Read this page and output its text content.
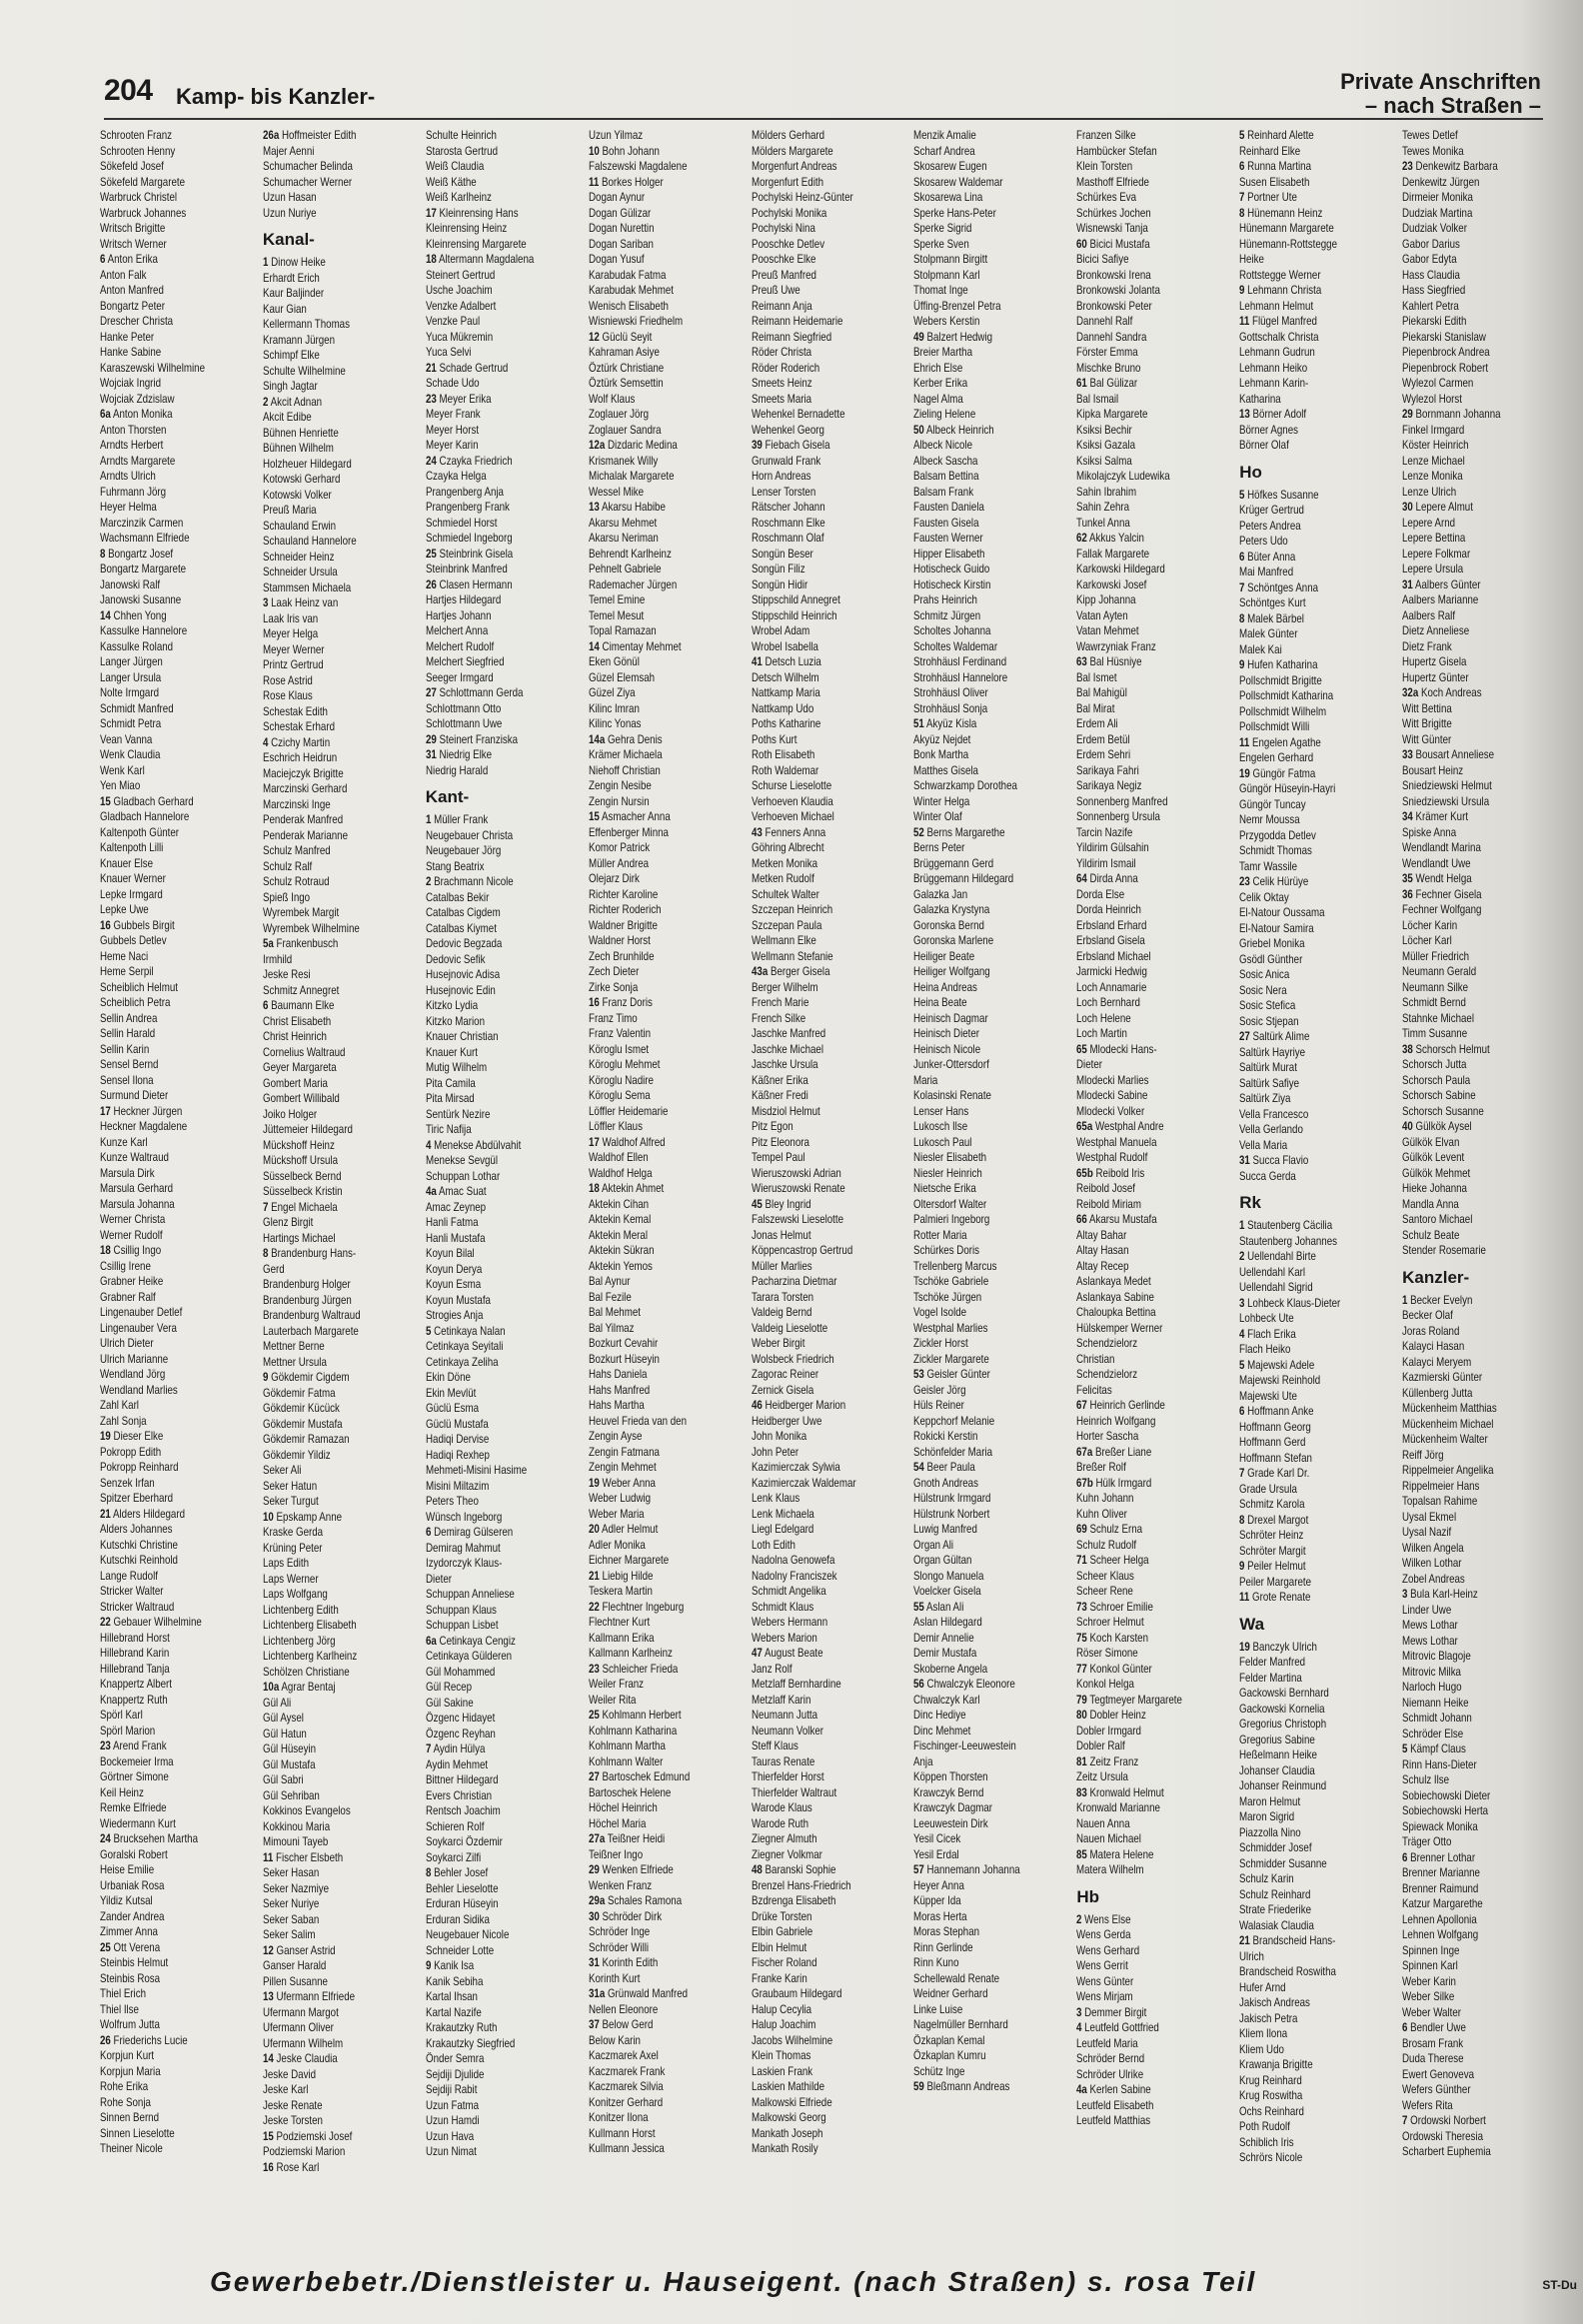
204 Kamp- bis Kanzler-
Private Anschriften
– nach Straßen –
Schrooten Franz
Schrooten Henny
Sökefeld Josef
Sökefeld Margarete
Warbruck Christel
Warbruck Johannes
Writsch Brigitte
Writsch Werner
6 Anton Erika
Anton Falk
Anton Manfred
Bongartz Peter
Drescher Christa
Hanke Peter
Hanke Sabine
Karaszewski Wilhelmine
Wojciak Ingrid
Wojciak Zdzislaw
6a Anton Monika
Anton Thorsten
Arndts Herbert
Arndts Margarete
Arndts Ulrich
Fuhrmann Jörg
Heyer Helma
Marczinzik Carmen
Wachsmann Elfriede
8 Bongartz Josef
Bongartz Margarete
Janowski Ralf
Janowski Susanne
14 Chhen Yong
Kassulke Hannelore
Kassulke Roland
Langer Jürgen
Langer Ursula
Nolte Irmgard
Schmidt Manfred
Schmidt Petra
Vean Vanna
Wenk Claudia
Wenk Karl
Yen Miao
15 Gladbach Gerhard
Gladbach Hannelore
Kaltenpoth Günter
Kaltenpoth Lilli
Knauer Else
Knauer Werner
Lepke Irmgard
Lepke Uwe
16 Gubbels Birgit
Gubbels Detlev
Heme Naci
Heme Serpil
Scheiblich Helmut
Scheiblich Petra
Sellin Andrea
Sellin Harald
Sellin Karin
Sensel Bernd
Sensel Ilona
Surmund Dieter
17 Heckner Jürgen
Heckner Magdalene
Kunze Karl
Kunze Waltraud
Marsula Dirk
Marsula Gerhard
Marsula Johanna
Werner Christa
Werner Rudolf
18 Csillig Ingo
Csillig Irene
Grabner Heike
Grabner Ralf
Lingenauber Detlef
Lingenauber Vera
Ulrich Dieter
Ulrich Marianne
Wendland Jörg
Wendland Marlies
Zahl Karl
Zahl Sonja
19 Dieser Elke
Pokropp Edith
Pokropp Reinhard
Senzek Irfan
Spitzer Eberhard
21 Alders Hildegard
Alders Johannes
Kutschki Christine
Kutschki Reinhold
Lange Rudolf
Stricker Walter
Stricker Waltraud
22 Gebauer Wilhelmine
Hillebrand Horst
Hillebrand Karin
Hillebrand Tanja
Knappertz Albert
Knappertz Ruth
Spörl Karl
Spörl Marion
23 Arend Frank
Bockemeier Irma
Görtner Simone
Keil Heinz
Remke Elfriede
Wiedermann Kurt
24 Brucksehen Martha
Goralski Robert
Heise Emilie
Urbaniak Rosa
Yildiz Kutsal
Zander Andrea
Zimmer Anna
25 Ott Verena
Steinbis Helmut
Steinbis Rosa
Thiel Erich
Thiel Ilse
Wolfrum Jutta
26 Friederichs Lucie
Korpjun Kurt
Korpjun Maria
Rohe Erika
Rohe Sonja
Sinnen Bernd
Sinnen Lieselotte
Theiner Nicole
26a Hoffmeister Edith
Majer Aenni
Schumacher Belinda
Schumacher Werner
Uzun Hasan
Uzun Nuriye
Kanal-
1 Dinow Heike
Erhardt Erich
Kaur Baljinder
Kaur Gian
Kellermann Thomas
Kramann Jürgen
Schimpf Elke
Schulte Wilhelmine
Singh Jagtar
2 Akcit Adnan
Akcit Edibe
Bühnen Henriette
Bühnen Wilhelm
Holzheuer Hildegard
Kotowski Gerhard
Kotowski Volker
Preuß Maria
Schauland Erwin
Schauland Hannelore
Schneider Heinz
Schneider Ursula
Stammsen Michaela
3 Laak Heinz van
Laak Iris van
Meyer Helga
Meyer Werner
Printz Gertrud
Rose Astrid
Rose Klaus
Schestak Edith
Schestak Erhard
4 Czichy Martin
Eschrich Heidrun
Maciejczyk Brigitte
Marczinski Gerhard
Marczinski Inge
Penderak Manfred
Penderak Marianne
Schulz Manfred
Schulz Ralf
Schulz Rotraud
Spieß Ingo
Wyrembek Margit
Wyrembek Wilhelmine
5a Frankenbusch
Irmhild
Jeske Resi
Schmitz Annegret
6 Baumann Elke
Christ Elisabeth
Christ Heinrich
Cornelius Waltraud
Geyer Margareta
Gombert Maria
Gombert Willibald
Joiko Holger
Jüttemeier Hildegard
Mückshoff Heinz
Mückshoff Ursula
Süsselbeck Bernd
Süsselbeck Kristin
7 Engel Michaela
Glenz Birgit
Hartings Michael
8 Brandenburg Hans-
Gerd
Brandenburg Holger
Brandenburg Jürgen
Brandenburg Waltraud
Lauterbach Margarete
Mettner Berne
Mettner Ursula
9 Gökdemir Cigdem
Gökdemir Fatma
Gökdemir Kücück
Gökdemir Mustafa
Gökdemir Ramazan
Gökdemir Yildiz
Seker Ali
Seker Hatun
Seker Turgut
10 Epskamp Anne
Kraske Gerda
Krüning Peter
Laps Edith
Laps Werner
Laps Wolfgang
Lichtenberg Edith
Lichtenberg Elisabeth
Lichtenberg Jörg
Lichtenberg Karlheinz
Schölzen Christiane
10a Agrar Bentaj
Gül Ali
Gül Aysel
Gül Hatun
Gül Hüseyin
Gül Mustafa
Gül Sabri
Gül Sehriban
Kokkinos Evangelos
Kokkinou Maria
Mimouni Tayeb
11 Fischer Elsbeth
Seker Hasan
Seker Nazmiye
Seker Nuriye
Seker Saban
Seker Salim
12 Ganser Astrid
Ganser Harald
Pillen Susanne
13 Ufermann Elfriede
Ufermann Margot
Ufermann Oliver
Ufermann Wilhelm
14 Jeske Claudia
Jeske David
Jeske Karl
Jeske Renate
Jeske Torsten
15 Podziemski Josef
Podziemski Marion
16 Rose Karl
Schulte Heinrich
Starosta Gertrud
Weiß Claudia
Weiß Käthe
Weiß Karlheinz
17 Kleinrensing Hans
Kleinrensing Heinz
Kleinrensing Margarete
18 Altermann Magdalena
Steinert Gertrud
Usche Joachim
Venzke Adalbert
Venzke Paul
Yuca Mükremin
Yuca Selvi
21 Schade Gertrud
Schade Udo
23 Meyer Erika
Meyer Frank
Meyer Horst
Meyer Karin
24 Czayka Friedrich
Czayka Helga
Prangenberg Anja
Prangenberg Frank
Schmiedel Horst
Schmiedel Ingeborg
25 Steinbrink Gisela
Steinbrink Manfred
26 Clasen Hermann
Hartjes Hildegard
Hartjes Johann
Melchert Anna
Melchert Rudolf
Melchert Siegfried
Seeger Irmgard
27 Schlottmann Gerda
Schlottmann Otto
Schlottmann Uwe
29 Steinert Franziska
31 Niedrig Elke
Niedrig Harald
Kant-
1 Müller Frank
Neugebauer Christa
Neugebauer Jörg
Stang Beatrix
2 Brachmann Nicole
Catalbas Bekir
Catalbas Cigdem
Catalbas Kiymet
Dedovic Begzada
Dedovic Sefik
Husejnovic Adisa
Husejnovic Edin
Kitzko Lydia
Kitzko Marion
Knauer Christian
Knauer Kurt
Mutig Wilhelm
Pita Camila
Pita Mirsad
Sentürk Nezire
Tiric Nafija
4 Menekse Abdülvahit
Menekse Sevgül
Schuppan Lothar
4a Amac Suat
Amac Zeynep
Hanli Fatma
Hanli Mustafa
Koyun Bilal
Koyun Derya
Koyun Esma
Koyun Mustafa
Strogies Anja
5 Cetinkaya Nalan
Cetinkaya Seyitali
Cetinkaya Zeliha
Ekin Döne
Ekin Mevlüt
Güclü Esma
Güclü Mustafa
Hadiqi Dervise
Hadiqi Rexhep
Mehmeti-Misini Hasime
Misini Miltazim
Peters Theo
Wünsch Ingeborg
6 Demirag Gülseren
Demirag Mahmut
Izydorczyk Klaus-
Dieter
Schuppan Anneliese
Schuppan Klaus
Schuppan Lisbet
6a Cetinkaya Cengiz
Cetinkaya Gülderen
Gül Mohammed
Gül Recep
Gül Sakine
Özgenc Hidayet
Özgenc Reyhan
7 Aydin Hülya
Aydin Mehmet
Bittner Hildegard
Evers Christian
Rentsch Joachim
Schieren Rolf
Soykarci Özdemir
Soykarci Zilfi
8 Behler Josef
Behler Lieselotte
Erduran Hüseyin
Erduran Sidika
Neugebauer Nicole
Schneider Lotte
9 Kanik Isa
Kanik Sebiha
Kartal Ihsan
Kartal Nazife
Krakautzky Ruth
Krakautzky Siegfried
Önder Semra
Sejdiji Djulide
Sejdiji Rabit
Uzun Fatma
Uzun Hamdi
Uzun Hava
Uzun Nimat
Uzun Yilmaz
10 Bohn Johann
Falszewski Magdalene
11 Borkes Holger
Dogan Aynur
Dogan Gülizar
Dogan Nurettin
Dogan Sariban
Dogan Yusuf
Karabudak Fatma
Karabudak Mehmet
Wenisch Elisabeth
Wisniewski Friedhelm
12 Güclü Seyit
Kahraman Asiye
Öztürk Christiane
Öztürk Semsettin
Wolf Klaus
Zoglauer Jörg
Zoglauer Sandra
12a Dizdaric Medina
Krismanek Willy
Michalak Margarete
Wessel Mike
13 Akarsu Habibe
Akarsu Mehmet
Akarsu Neriman
Behrendt Karlheinz
Pehnelt Gabriele
Rademacher Jürgen
Temel Emine
Temel Mesut
Topal Ramazan
14 Cimentay Mehmet
Eken Gönül
Güzel Elemsah
Güzel Ziya
Kilinc Imran
Kilinc Yonas
14a Gehra Denis
Krämer Michaela
Niehoff Christian
Zengin Nesibe
Zengin Nursin
15 Asmacher Anna
Effenberger Minna
Komor Patrick
Müller Andrea
Olejarz Dirk
Richter Karoline
Richter Roderich
Waldner Brigitte
Waldner Horst
Zech Brunhilde
Zech Dieter
Zirke Sonja
16 Franz Doris
Franz Timo
Franz Valentin
Köroglu Ismet
Köroglu Mehmet
Köroglu Nadire
Köroglu Sema
Löffler Heidemarie
Löffler Klaus
17 Waldhof Alfred
Waldhof Ellen
Waldhof Helga
18 Aktekin Ahmet
Aktekin Cihan
Aktekin Kemal
Aktekin Meral
Aktekin Sükran
Aktekin Yemos
Bal Aynur
Bal Fezile
Bal Mehmet
Bal Yilmaz
Bozkurt Cevahir
Bozkurt Hüseyin
Hahs Daniela
Hahs Manfred
Hahs Martha
Heuvel Frieda van den
Zengin Ayse
Zengin Fatmana
Zengin Mehmet
19 Weber Anna
Weber Ludwig
Weber Maria
20 Adler Helmut
Adler Monika
Eichner Margarete
21 Liebig Hilde
Teskera Martin
22 Flechtner Ingeburg
Flechtner Kurt
Kallmann Erika
Kallmann Karlheinz
23 Schleicher Frieda
Weiler Franz
Weiler Rita
25 Kohlmann Herbert
Kohlmann Katharina
Kohlmann Martha
Kohlmann Walter
27 Bartoschek Edmund
Bartoschek Helene
Höchel Heinrich
Höchel Maria
27a Teißner Heidi
Teißner Ingo
29 Wenken Elfriede
Wenken Franz
29a Schales Ramona
30 Schröder Dirk
Schröder Inge
Schröder Willi
31 Korinth Edith
Korinth Kurt
31a Grünwald Manfred
Nellen Eleonore
37 Below Gerd
Below Karin
Kaczmarek Axel
Kaczmarek Frank
Kaczmarek Silvia
Konitzer Gerhard
Konitzer Ilona
Kullmann Horst
Kullmann Jessica
Mölders Gerhard
Mölders Margarete
Morgenfurt Andreas
Morgenfurt Edith
Pochylski Heinz-Günter
Pochylski Monika
Pochylski Nina
Pooschke Detlev
Pooschke Elke
Preuß Manfred
Preuß Uwe
Reimann Anja
Reimann Heidemarie
Reimann Siegfried
Röder Christa
Röder Roderich
Smeets Heinz
Smeets Maria
Wehenkel Bernadette
Wehenkel Georg
39 Fiebach Gisela
Grunwald Frank
Horn Andreas
Lenser Torsten
Rätscher Johann
Roschmann Elke
Roschmann Olaf
Songün Beser
Songün Filiz
Songün Hidir
Stippschild Annegret
Stippschild Heinrich
Wrobel Adam
Wrobel Isabella
41 Detsch Luzia
Detsch Wilhelm
Nattkamp Maria
Nattkamp Udo
Poths Katharine
Poths Kurt
Roth Elisabeth
Roth Waldemar
Schurse Lieselotte
Verhoeven Klaudia
Verhoeven Michael
43 Fenners Anna
Göhring Albrecht
Metken Monika
Metken Rudolf
Schultek Walter
Szczepan Heinrich
Szczepan Paula
Wellmann Elke
Wellmann Stefanie
43a Berger Gisela
Berger Wilhelm
French Marie
French Silke
Jaschke Manfred
Jaschke Michael
Jaschke Ursula
Käßner Erika
Käßner Fredi
Misdziol Helmut
Pitz Egon
Pitz Eleonora
Tempel Paul
Wieruszowski Adrian
Wieruszowski Renate
45 Bley Ingrid
Falszewski Lieselotte
Jonas Helmut
Köppencastrop Gertrud
Müller Marlies
Pacharzina Dietmar
Tarara Torsten
Valdeig Bernd
Valdeig Lieselotte
Weber Birgit
Wolsbeck Friedrich
Zagorac Reiner
Zernick Gisela
46 Heidberger Marion
Heidberger Uwe
John Monika
John Peter
Kazimierczak Sylwia
Kazimierczak Waldemar
Lenk Klaus
Lenk Michaela
Liegl Edelgard
Loth Edith
Nadolna Genowefa
Nadolny Franciszek
Schmidt Angelika
Schmidt Klaus
Webers Hermann
Webers Marion
47 August Beate
Janz Rolf
Metzlaff Bernhardine
Metzlaff Karin
Neumann Jutta
Neumann Volker
Steff Klaus
Tauras Renate
Thierfelder Horst
Thierfelder Waltraut
Warode Klaus
Warode Ruth
Ziegner Almuth
Ziegner Volkmar
48 Baranski Sophie
Brenzel Hans-Friedrich
Bzdrenga Elisabeth
Drüke Torsten
Elbin Gabriele
Elbin Helmut
Fischer Roland
Franke Karin
Graubaum Hildegard
Halup Cecylia
Halup Joachim
Jacobs Wilhelmine
Klein Thomas
Laskien Frank
Laskien Mathilde
Malkowski Elfriede
Malkowski Georg
Mankath Joseph
Mankath Rosily
Menzik Amalie
Scharf Andrea
Skosarew Eugen
Skosarew Waldemar
Skosarewa Lina
Sperke Hans-Peter
Sperke Sigrid
Sperke Sven
Stolpmann Birgitt
Stolpmann Karl
Thomat Inge
Üffing-Brenzel Petra
Webers Kerstin
49 Balzert Hedwig
Breier Martha
Ehrich Else
Kerber Erika
Nagel Alma
Zieling Helene
50 Albeck Heinrich
Albeck Nicole
Albeck Sascha
Balsam Bettina
Balsam Frank
Fausten Daniela
Fausten Gisela
Fausten Werner
Hipper Elisabeth
Hotischeck Guido
Hotischeck Kirstin
Prahs Heinrich
Schmitz Jürgen
Scholtes Johanna
Scholtes Waldemar
Strohhäusl Ferdinand
Strohhäusl Hannelore
Strohhäusl Oliver
Strohhäusl Sonja
51 Akyüz Kisla
Akyüz Nejdet
Bonk Martha
Matthes Gisela
Schwarzkamp Dorothea
Winter Helga
Winter Olaf
52 Berns Margarethe
Berns Peter
Brüggemann Gerd
Brüggemann Hildegard
Galazka Jan
Galazka Krystyna
Goronska Bernd
Goronska Marlene
Heiliger Beate
Heiliger Wolfgang
Heina Andreas
Heina Beate
Heinisch Dagmar
Heinisch Dieter
Heinisch Nicole
Junker-Ottersdorf
Maria
Kolasinski Renate
Lenser Hans
Lukosch Ilse
Lukosch Paul
Niesler Elisabeth
Niesler Heinrich
Nietsche Erika
Oltersdorf Walter
Palmieri Ingeborg
Rotter Maria
Schürkes Doris
Trellenberg Marcus
Tschöke Gabriele
Tschöke Jürgen
Vogel Isolde
Westphal Marlies
Zickler Horst
Zickler Margarete
53 Geisler Günter
Geisler Jörg
Hüls Reiner
Keppchorf Melanie
Rokicki Kerstin
Schönfelder Maria
54 Beer Paula
Gnoth Andreas
Hülstrunk Irmgard
Hülstrunk Norbert
Luwig Manfred
Organ Ali
Organ Gültan
Slongo Manuela
Voelcker Gisela
55 Aslan Ali
Aslan Hildegard
Demir Annelie
Demir Mustafa
Skoberne Angela
56 Chwalczyk Eleonore
Chwalczyk Karl
Dinc Hediye
Dinc Mehmet
Fischinger-Leeuwestein
Anja
Köppen Thorsten
Krawczyk Bernd
Krawczyk Dagmar
Leeuwestein Dirk
Yesil Cicek
Yesil Erdal
57 Hannemann Johanna
Heyer Anna
Küpper Ida
Moras Herta
Moras Stephan
Rinn Gerlinde
Rinn Kuno
Schellewald Renate
Weidner Gerhard
Linke Luise
Nagelmüller Bernhard
Özkaplan Kemal
Özkaplan Kumru
Schütz Inge
59 Bleßmann Andreas
Franzen Silke
Hambücker Stefan
Klein Torsten
Masthoff Elfriede
Schürkes Eva
Schürkes Jochen
Wisnewski Tanja
60 Bicici Mustafa
Bicici Safiye
Bronkowski Irena
Bronkowski Jolanta
Bronkowski Peter
Dannehl Ralf
Dannehl Sandra
Förster Emma
Mischke Bruno
61 Bal Gülizar
Bal Ismail
Kipka Margarete
Ksiksi Bechir
Ksiksi Gazala
Ksiksi Salma
Mikolajczyk Ludewika
Sahin Ibrahim
Sahin Zehra
Tunkel Anna
62 Akkus Yalcin
Fallak Margarete
Karkowski Hildegard
Karkowski Josef
Kipp Johanna
Vatan Ayten
Vatan Mehmet
Wawrzyniak Franz
63 Bal Hüsniye
Bal Ismet
Bal Mahigül
Bal Mirat
Erdem Ali
Erdem Betül
Erdem Sehri
Sarikaya Fahri
Sarikaya Negiz
Sonnenberg Manfred
Sonnenberg Ursula
Tarcin Nazife
Yildirim Gülsahin
Yildirim Ismail
64 Dirda Anna
Dorda Else
Dorda Heinrich
Erbsland Erhard
Erbsland Gisela
Erbsland Michael
Jarmicki Hedwig
Loch Annamarie
Loch Bernhard
Loch Helene
Loch Martin
65 Mlodecki Hans-
Dieter
Mlodecki Marlies
Mlodecki Sabine
Mlodecki Volker
65a Westphal Andre
Westphal Manuela
Westphal Rudolf
65b Reibold Iris
Reibold Josef
Reibold Miriam
66 Akarsu Mustafa
Altay Bahar
Altay Hasan
Altay Recep
Aslankaya Medet
Aslankaya Sabine
Chaloupka Bettina
Hülskemper Werner
Schendzielorz
Christian
Schendzielorz
Felicitas
67 Heinrich Gerlinde
Heinrich Wolfgang
Horter Sascha
67a Breßer Liane
Breßer Rolf
67b Hülk Irmgard
Kuhn Johann
Kuhn Oliver
69 Schulz Erna
Schulz Rudolf
71 Scheer Helga
Scheer Klaus
Scheer Rene
73 Schroer Emilie
Schroer Helmut
75 Koch Karsten
Röser Simone
77 Konkol Günter
Konkol Helga
79 Tegtmeyer Margarete
80 Dobler Heinz
Dobler Irmgard
Dobler Ralf
81 Zeitz Franz
Zeitz Ursula
83 Kronwald Helmut
Kronwald Marianne
Nauen Anna
Nauen Michael
85 Matera Helene
Matera Wilhelm
Hb
2 Wens Else
Wens Gerda
Wens Gerhard
Wens Gerrit
Wens Günter
Wens Mirjam
3 Demmer Birgit
4 Leutfeld Gottfried
Leutfeld Maria
Schröder Bernd
Schröder Ulrike
4a Kerlen Sabine
Leutfeld Elisabeth
Leutfeld Matthias
5 Reinhard Alette
Reinhard Elke
6 Runna Martina
Susen Elisabeth
7 Portner Ute
8 Hünemann Heinz
Hünemann Margarete
Hünemann-Rottstegge
Heike
Rottstegge Werner
9 Lehmann Christa
Lehmann Helmut
11 Flügel Manfred
Gottschalk Christa
Lehmann Gudrun
Lehmann Heiko
Lehmann Karin-
Katharina
13 Börner Adolf
Börner Agnes
Börner Olaf
Ho
5 Höfkes Susanne
Krüger Gertrud
Peters Andrea
Peters Udo
6 Büter Anna
Mai Manfred
7 Schöntges Anna
Schöntges Kurt
8 Malek Bärbel
Malek Günter
Malek Kai
9 Hufen Katharina
Pollschmidt Brigitte
Pollschmidt Katharina
Pollschmidt Wilhelm
Pollschmidt Willi
11 Engelen Agathe
Engelen Gerhard
19 Güngör Fatma
Güngör Hüseyin-Hayri
Güngör Tuncay
Nemr Moussa
Przygodda Detlev
Schmidt Thomas
Tamr Wassile
23 Celik Hürüye
Celik Oktay
El-Natour Oussama
El-Natour Samira
Griebel Monika
Gsödl Günther
Sosic Anica
Sosic Nera
Sosic Stefica
Sosic Stjepan
27 Saltürk Alime
Saltürk Hayriye
Saltürk Murat
Saltürk Safiye
Saltürk Ziya
Vella Francesco
Vella Gerlando
Vella Maria
31 Succa Flavio
Succa Gerda
Rk
1 Stautenberg Cäcilia
Stautenberg Johannes
2 Uellendahl Birte
Uellendahl Karl
Uellendahl Sigrid
3 Lohbeck Klaus-Dieter
Lohbeck Ute
4 Flach Erika
Flach Heiko
5 Majewski Adele
Majewski Reinhold
Majewski Ute
6 Hoffmann Anke
Hoffmann Georg
Hoffmann Gerd
Hoffmann Stefan
7 Grade Karl Dr.
Grade Ursula
Schmitz Karola
8 Drexel Margot
Schröter Heinz
Schröter Margit
9 Peiler Helmut
Peiler Margarete
11 Grote Renate
Wa
19 Banczyk Ulrich
Felder Manfred
Felder Martina
Gackowski Bernhard
Gackowski Kornelia
Gregorius Christoph
Gregorius Sabine
Heßelmann Heike
Johanser Claudia
Johanser Reinmund
Maron Helmut
Maron Sigrid
Piazzolla Nino
Schmidder Josef
Schmidder Susanne
Schulz Karin
Schulz Reinhard
Strate Friederike
Walasiak Claudia
21 Brandscheid Hans-
Ulrich
Brandscheid Roswitha
Hufer Arnd
Jakisch Andreas
Jakisch Petra
Kliem Ilona
Kliem Udo
Krawanja Brigitte
Krug Reinhard
Krug Roswitha
Ochs Reinhard
Poth Rudolf
Schiblich Iris
Schrörs Nicole
Tewes Detlef
Tewes Monika
23 Denkewitz Barbara
Denkewitz Jürgen
Dirmeier Monika
Dudziak Martina
Dudziak Volker
Gabor Darius
Gabor Edyta
Hass Claudia
Hass Siegfried
Kahlert Petra
Piekarski Edith
Piekarski Stanislaw
Piepenbrock Andrea
Piepenbrock Robert
Wylezol Carmen
Wylezol Horst
29 Bornmann Johanna
Finkel Irmgard
Köster Heinrich
Lenze Michael
Lenze Monika
Lenze Ulrich
30 Lepere Almut
Lepere Arnd
Lepere Bettina
Lepere Folkmar
Lepere Ursula
31 Aalbers Günter
Aalbers Marianne
Aalbers Ralf
Dietz Anneliese
Dietz Frank
Hupertz Gisela
Hupertz Günter
32a Koch Andreas
Witt Bettina
Witt Brigitte
Witt Günter
33 Bousart Anneliese
Bousart Heinz
Sniedziewski Helmut
Sniedziewski Ursula
34 Krämer Kurt
Spiske Anna
Wendlandt Marina
Wendlandt Uwe
35 Wendt Helga
36 Fechner Gisela
Fechner Wolfgang
Löcher Karin
Löcher Karl
Müller Friedrich
Neumann Gerald
Neumann Silke
Schmidt Bernd
Stahnke Michael
Timm Susanne
38 Schorsch Helmut
Schorsch Jutta
Schorsch Paula
Schorsch Sabine
Schorsch Susanne
40 Gülkök Aysel
Gülkök Elvan
Gülkök Levent
Gülkök Mehmet
Hieke Johanna
Mandla Anna
Santoro Michael
Schulz Beate
Stender Rosemarie
Kanzler-
1 Becker Evelyn
Becker Olaf
Joras Roland
Kalayci Hasan
Kalayci Meryem
Kazmierski Günter
Küllenberg Jutta
Mückenheim Matthias
Mückenheim Michael
Mückenheim Walter
Reiff Jörg
Rippelmeier Angelika
Rippelmeier Hans
Topalsan Rahime
Uysal Ekmel
Uysal Nazif
Wilken Angela
Wilken Lothar
Zobel Andreas
3 Bula Karl-Heinz
Linder Uwe
Mews Lothar
Mews Lothar
Mitrovic Blagoje
Mitrovic Milka
Narloch Hugo
Niemann Heike
Schmidt Johann
Schröder Else
5 Kämpf Claus
Rinn Hans-Dieter
Schulz Ilse
Sobiechowski Dieter
Sobiechowski Herta
Spiewack Monika
Träger Otto
6 Brenner Lothar
Brenner Marianne
Brenner Raimund
Katzur Margarethe
Lehnen Apollonia
Lehnen Wolfgang
Spinnen Inge
Spinnen Karl
Weber Karin
Weber Silke
Weber Walter
6 Bendler Uwe
Brosam Frank
Duda Therese
Ewert Genoveva
Wefers Günther
Wefers Rita
7 Ordowski Norbert
Ordowski Theresia
Scharbert Euphemia
Gewerbebetr./Dienstleister u. Hauseigent. (nach Straßen) s. rosa Teil	ST-Du
